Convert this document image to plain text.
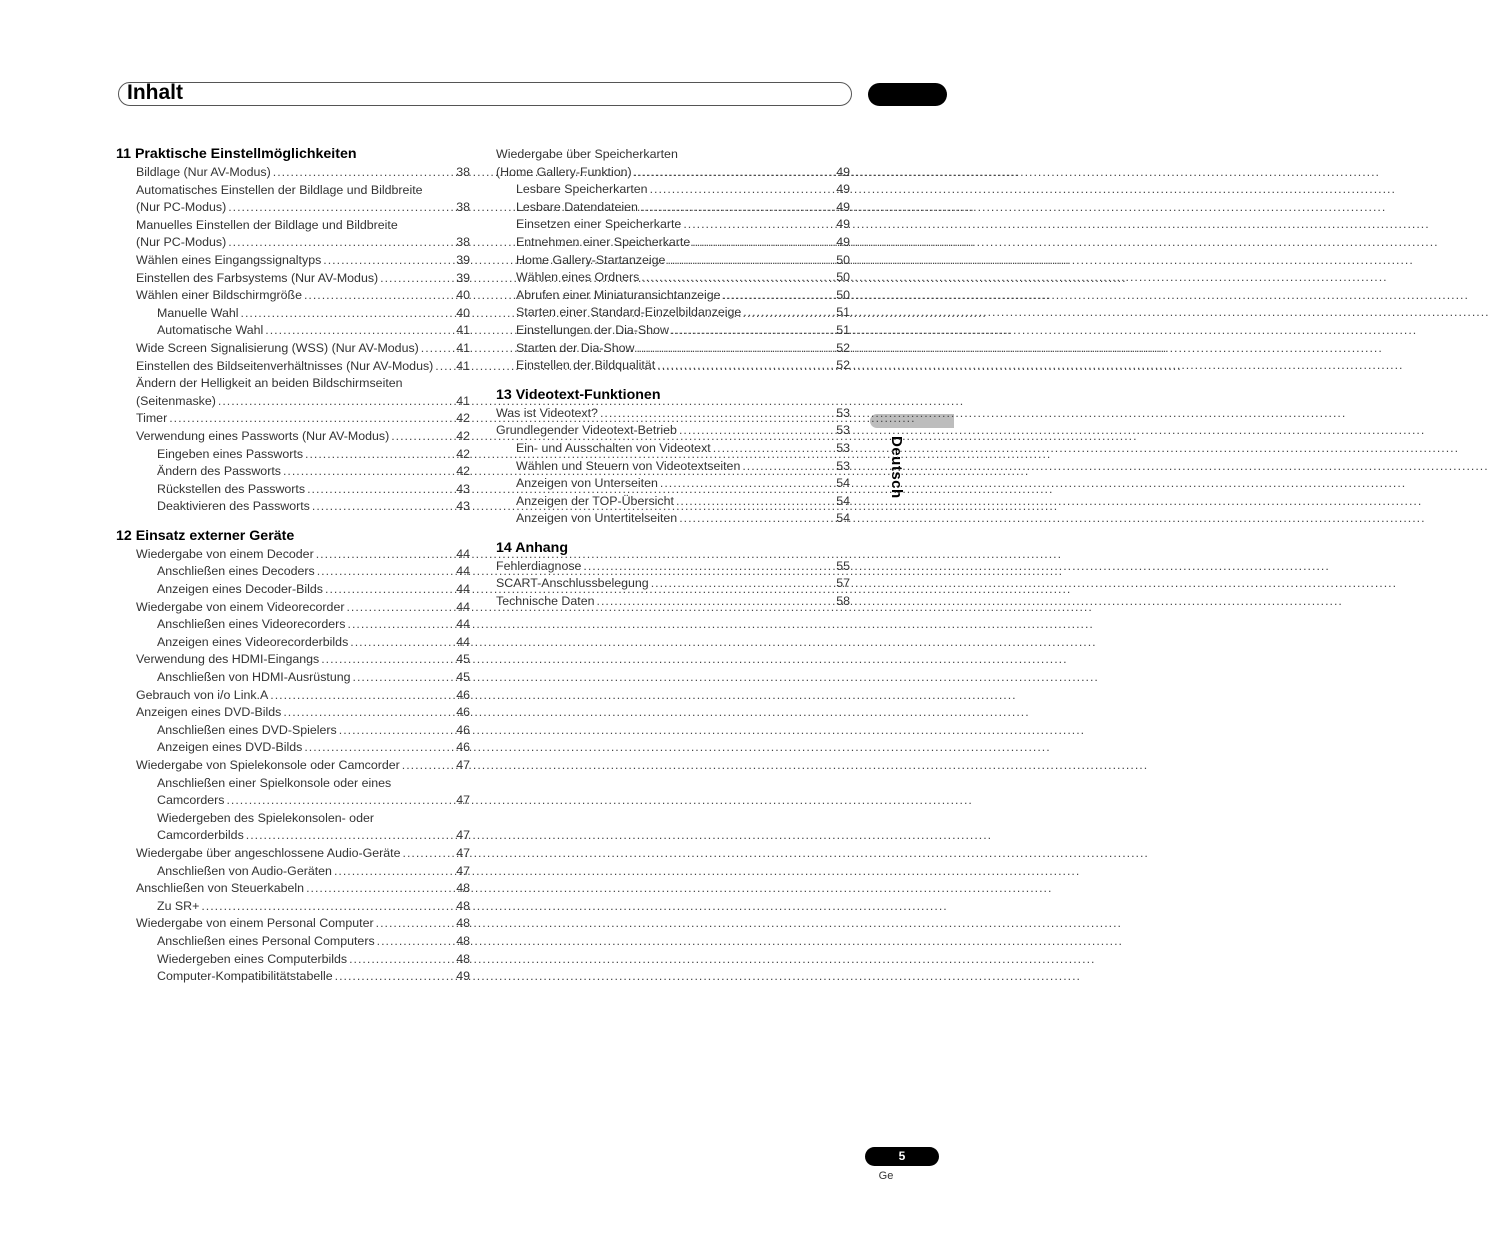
Inhalt
Deutsch
11 Praktische Einstellmöglichkeiten
Bildlage (Nur AV-Modus) .....	38
Automatisches Einstellen der Bildlage und Bildbreite
(Nur PC-Modus) .....	38
Manuelles Einstellen der Bildlage und Bildbreite
(Nur PC-Modus) .....	38
Wählen eines Eingangssignaltyps .....	39
Einstellen des Farbsystems (Nur AV-Modus) .....	39
Wählen einer Bildschirmgröße .....	40
Manuelle Wahl .....	40
Automatische Wahl .....	41
Wide Screen Signalisierung (WSS) (Nur AV-Modus) .....	41
Einstellen des Bildseitenverhältnisses (Nur AV-Modus) ..... 41
Ändern der Helligkeit an beiden Bildschirmseiten
(Seitenmaske) .....	41
Timer .....	42
Verwendung eines Passworts (Nur AV-Modus) .....	42
Eingeben eines Passworts .....	42
Ändern des Passworts .....	42
Rückstellen des Passworts .....	43
Deaktivieren des Passworts .....	43
12 Einsatz externer Geräte
Wiedergabe von einem Decoder .....	44
Anschließen eines Decoders .....	44
Anzeigen eines Decoder-Bilds .....	44
Wiedergabe von einem Videorecorder .....	44
Anschließen eines Videorecorders .....	44
Anzeigen eines Videorecorderbilds .....	44
Verwendung des HDMI-Eingangs .....	45
Anschließen von HDMI-Ausrüstung .....	45
Gebrauch von i/o Link.A .....	46
Anzeigen eines DVD-Bilds .....	46
Anschließen eines DVD-Spielers .....	46
Anzeigen eines DVD-Bilds .....	46
Wiedergabe von Spielekonsole oder Camcorder .....	47
Anschließen einer Spielkonsole oder eines
Camcorders .....	47
Wiedergeben des Spielekonsolen- oder
Camcorderbilds .....	47
Wiedergabe über angeschlossene Audio-Geräte .....	47
Anschließen von Audio-Geräten .....	47
Anschließen von Steuerkabeln .....	48
Zu SR+ .....	48
Wiedergabe von einem Personal Computer .....	48
Anschließen eines Personal Computers .....	48
Wiedergeben eines Computerbilds .....	48
Computer-Kompatibilitätstabelle .....	49
Wiedergabe über Speicherkarten
(Home Gallery-Funktion) .....	49
Lesbare Speicherkarten .....	49
Lesbare Datendateien .....	49
Einsetzen einer Speicherkarte .....	49
Entnehmen einer Speicherkarte .....	49
Home Gallery-Startanzeige .....	50
Wählen eines Ordners .....	50
Abrufen einer Miniaturansichtanzeige .....	50
Starten einer Standard-Einzelbildanzeige .....	51
Einstellungen der Dia-Show .....	51
Starten der Dia-Show .....	52
Einstellen der Bildqualität .....	52
13 Videotext-Funktionen
Was ist Videotext? .....	53
Grundlegender Videotext-Betrieb .....	53
Ein- und Ausschalten von Videotext .....	53
Wählen und Steuern von Videotextseiten .....	53
Anzeigen von Unterseiten .....	54
Anzeigen der TOP-Übersicht .....	54
Anzeigen von Untertitelseiten .....	54
14 Anhang
Fehlerdiagnose .....	55
SCART-Anschlussbelegung .....	57
Technische Daten .....	58
5
Ge
